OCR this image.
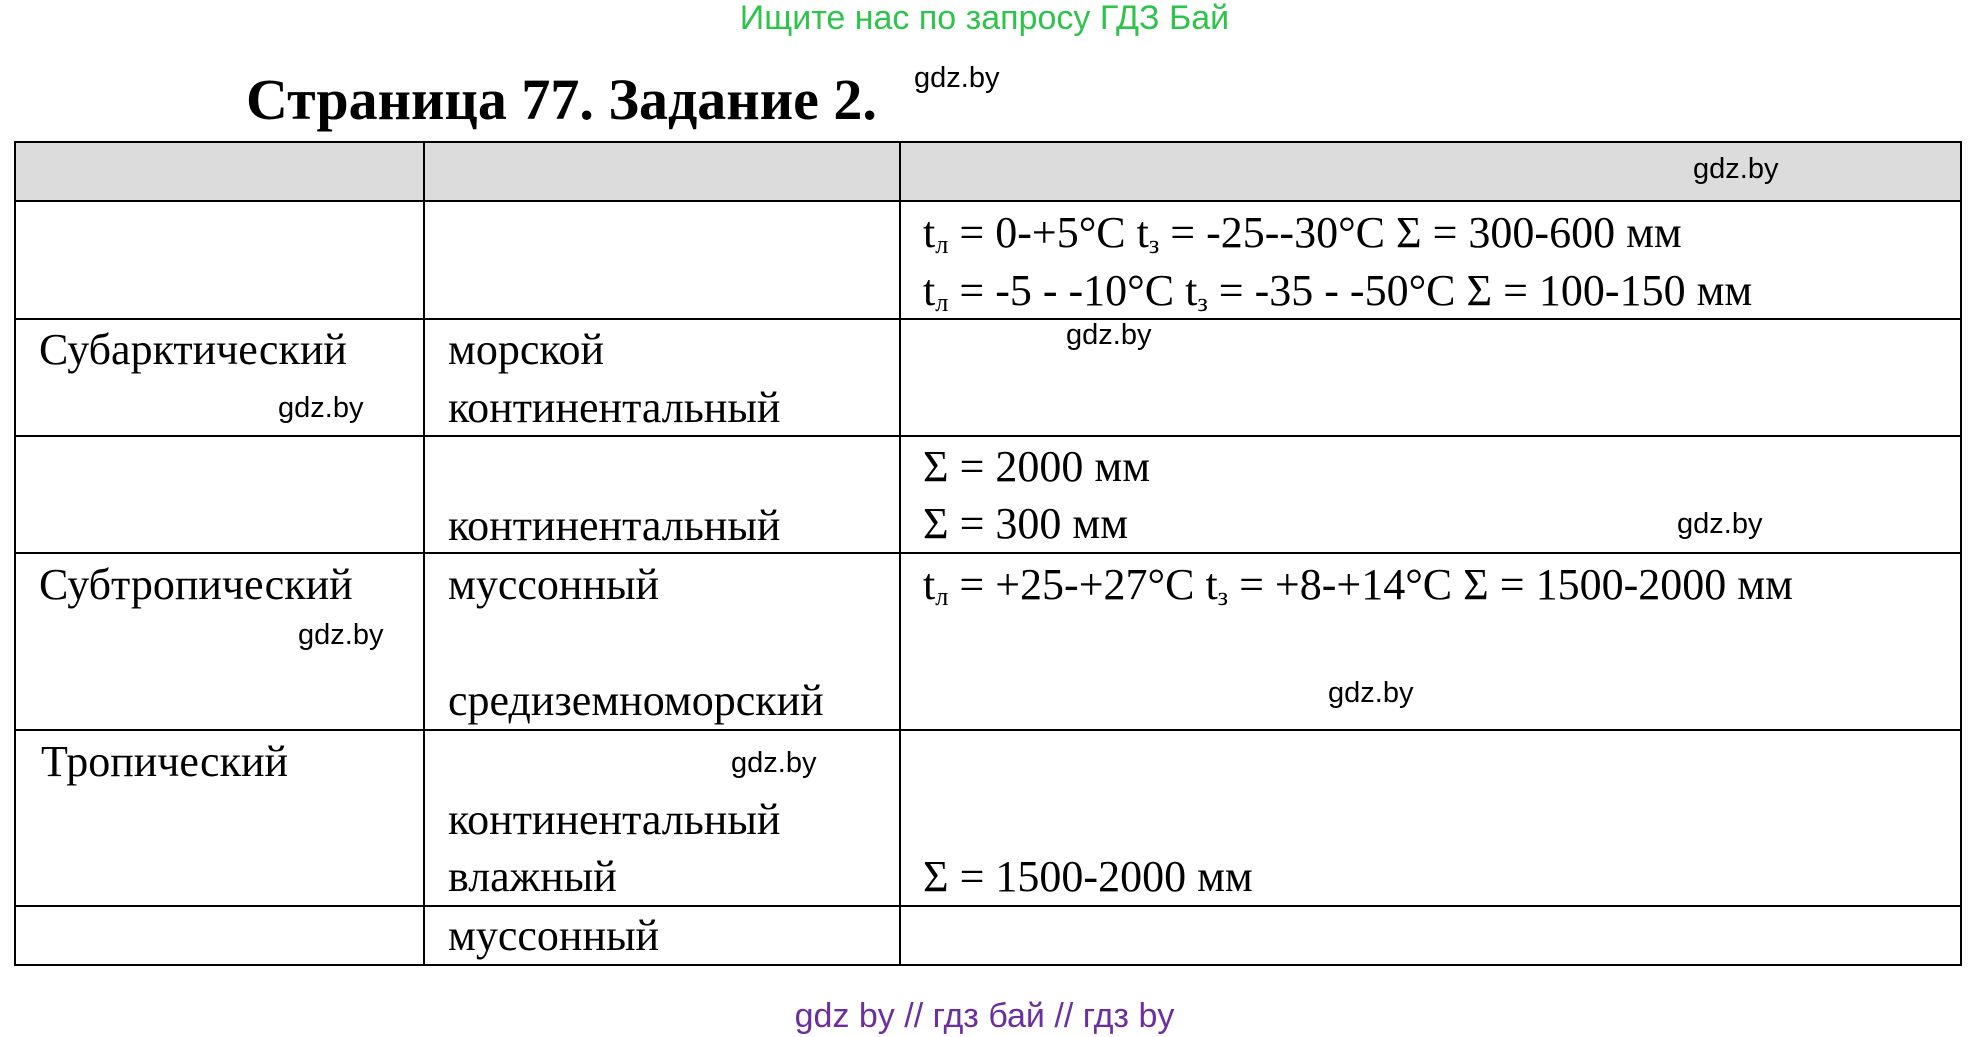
Ищите нас по запросу ГДЗ Бай
Страница 77. Задание 2. gdz.by
gdz.by
gdz.by
gdz.by
gdz.by
gdz.by
gdz.by
gdz.by
$t_л = 0-+5^\circ C$ $t_з = -25--30^\circ C$ Σ = 300-600 мм
$t_л = -5 - -10^\circ C$ $t_з = -35 - -50^\circ C$ Σ = 100-150 мм
Субарктический морской
континентальный
Σ = 2000 мм
Σ = 300 мм
континентальный
Субтропический муссонный	$t_л = +25-+27^\circ C$ $t_з = +8-+14^\circ C$ Σ = 1500-2000 мм
средиземноморский
Тропический
континентальный
влажный	Σ = 1500-2000 мм
муссонный
gdz by // гдз бай // гдз by
